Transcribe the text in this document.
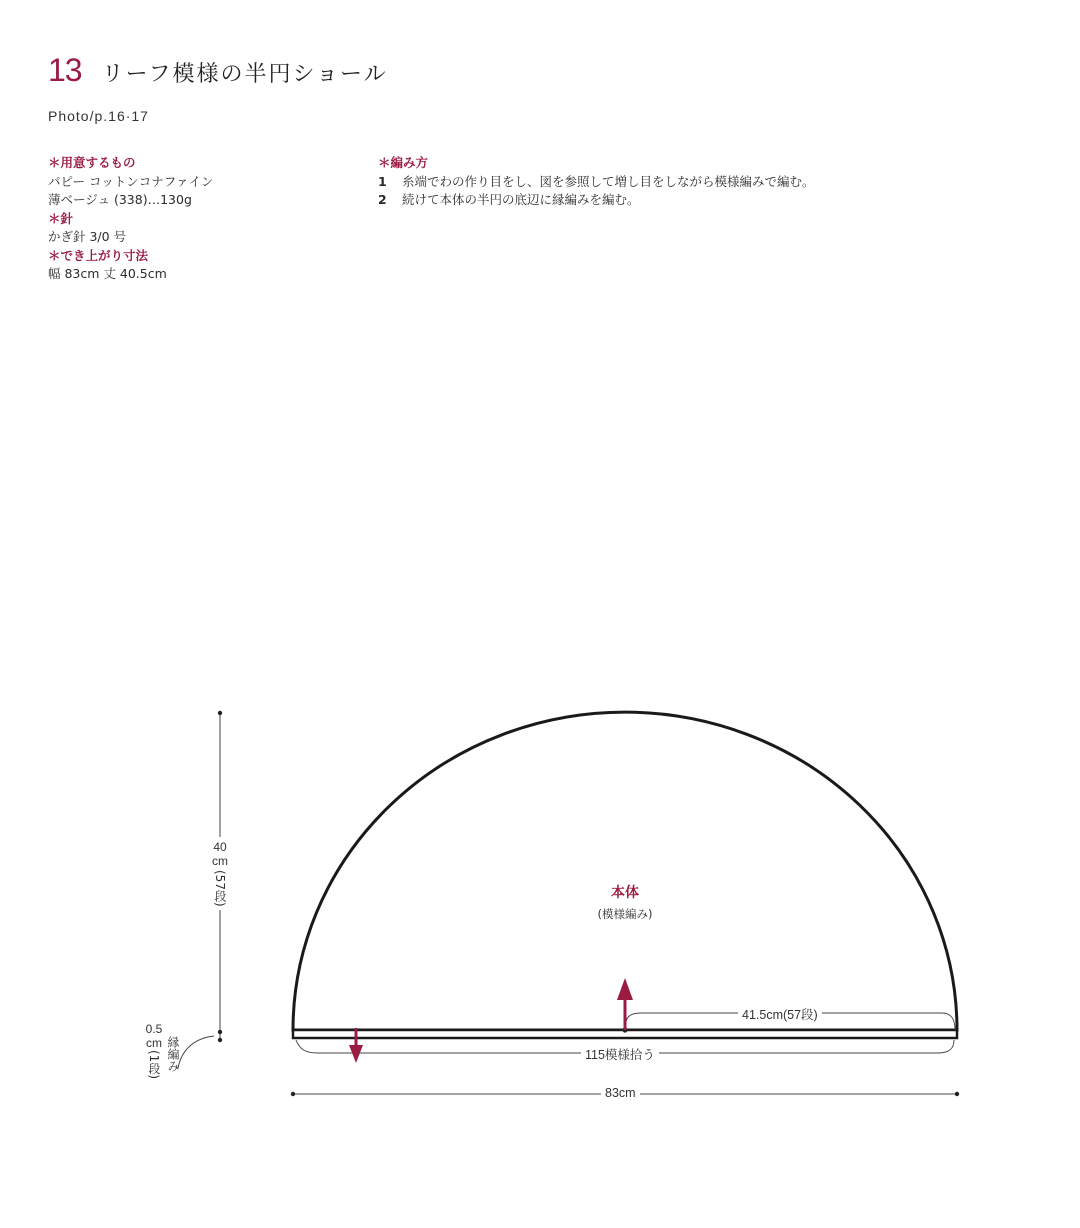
13 リーフ模様の半円ショール
Photo/p.16·17
＊用意するもの
パピー コットンコナファイン
薄ベージュ (338)…130g
＊針
かぎ針 3/0 号
＊でき上がり寸法
幅 83cm 丈 40.5cm
＊編み方
1	糸端でわの作り目をし、図を参照して増し目をしながら模様編みで編む。
2	続けて本体の半円の底辺に縁編みを編む。
40
cm
(57段)
0.5
cm
(1段) 縁編み
本体
(模様編み)
41.5cm(57段)
115模様拾う
83cm
